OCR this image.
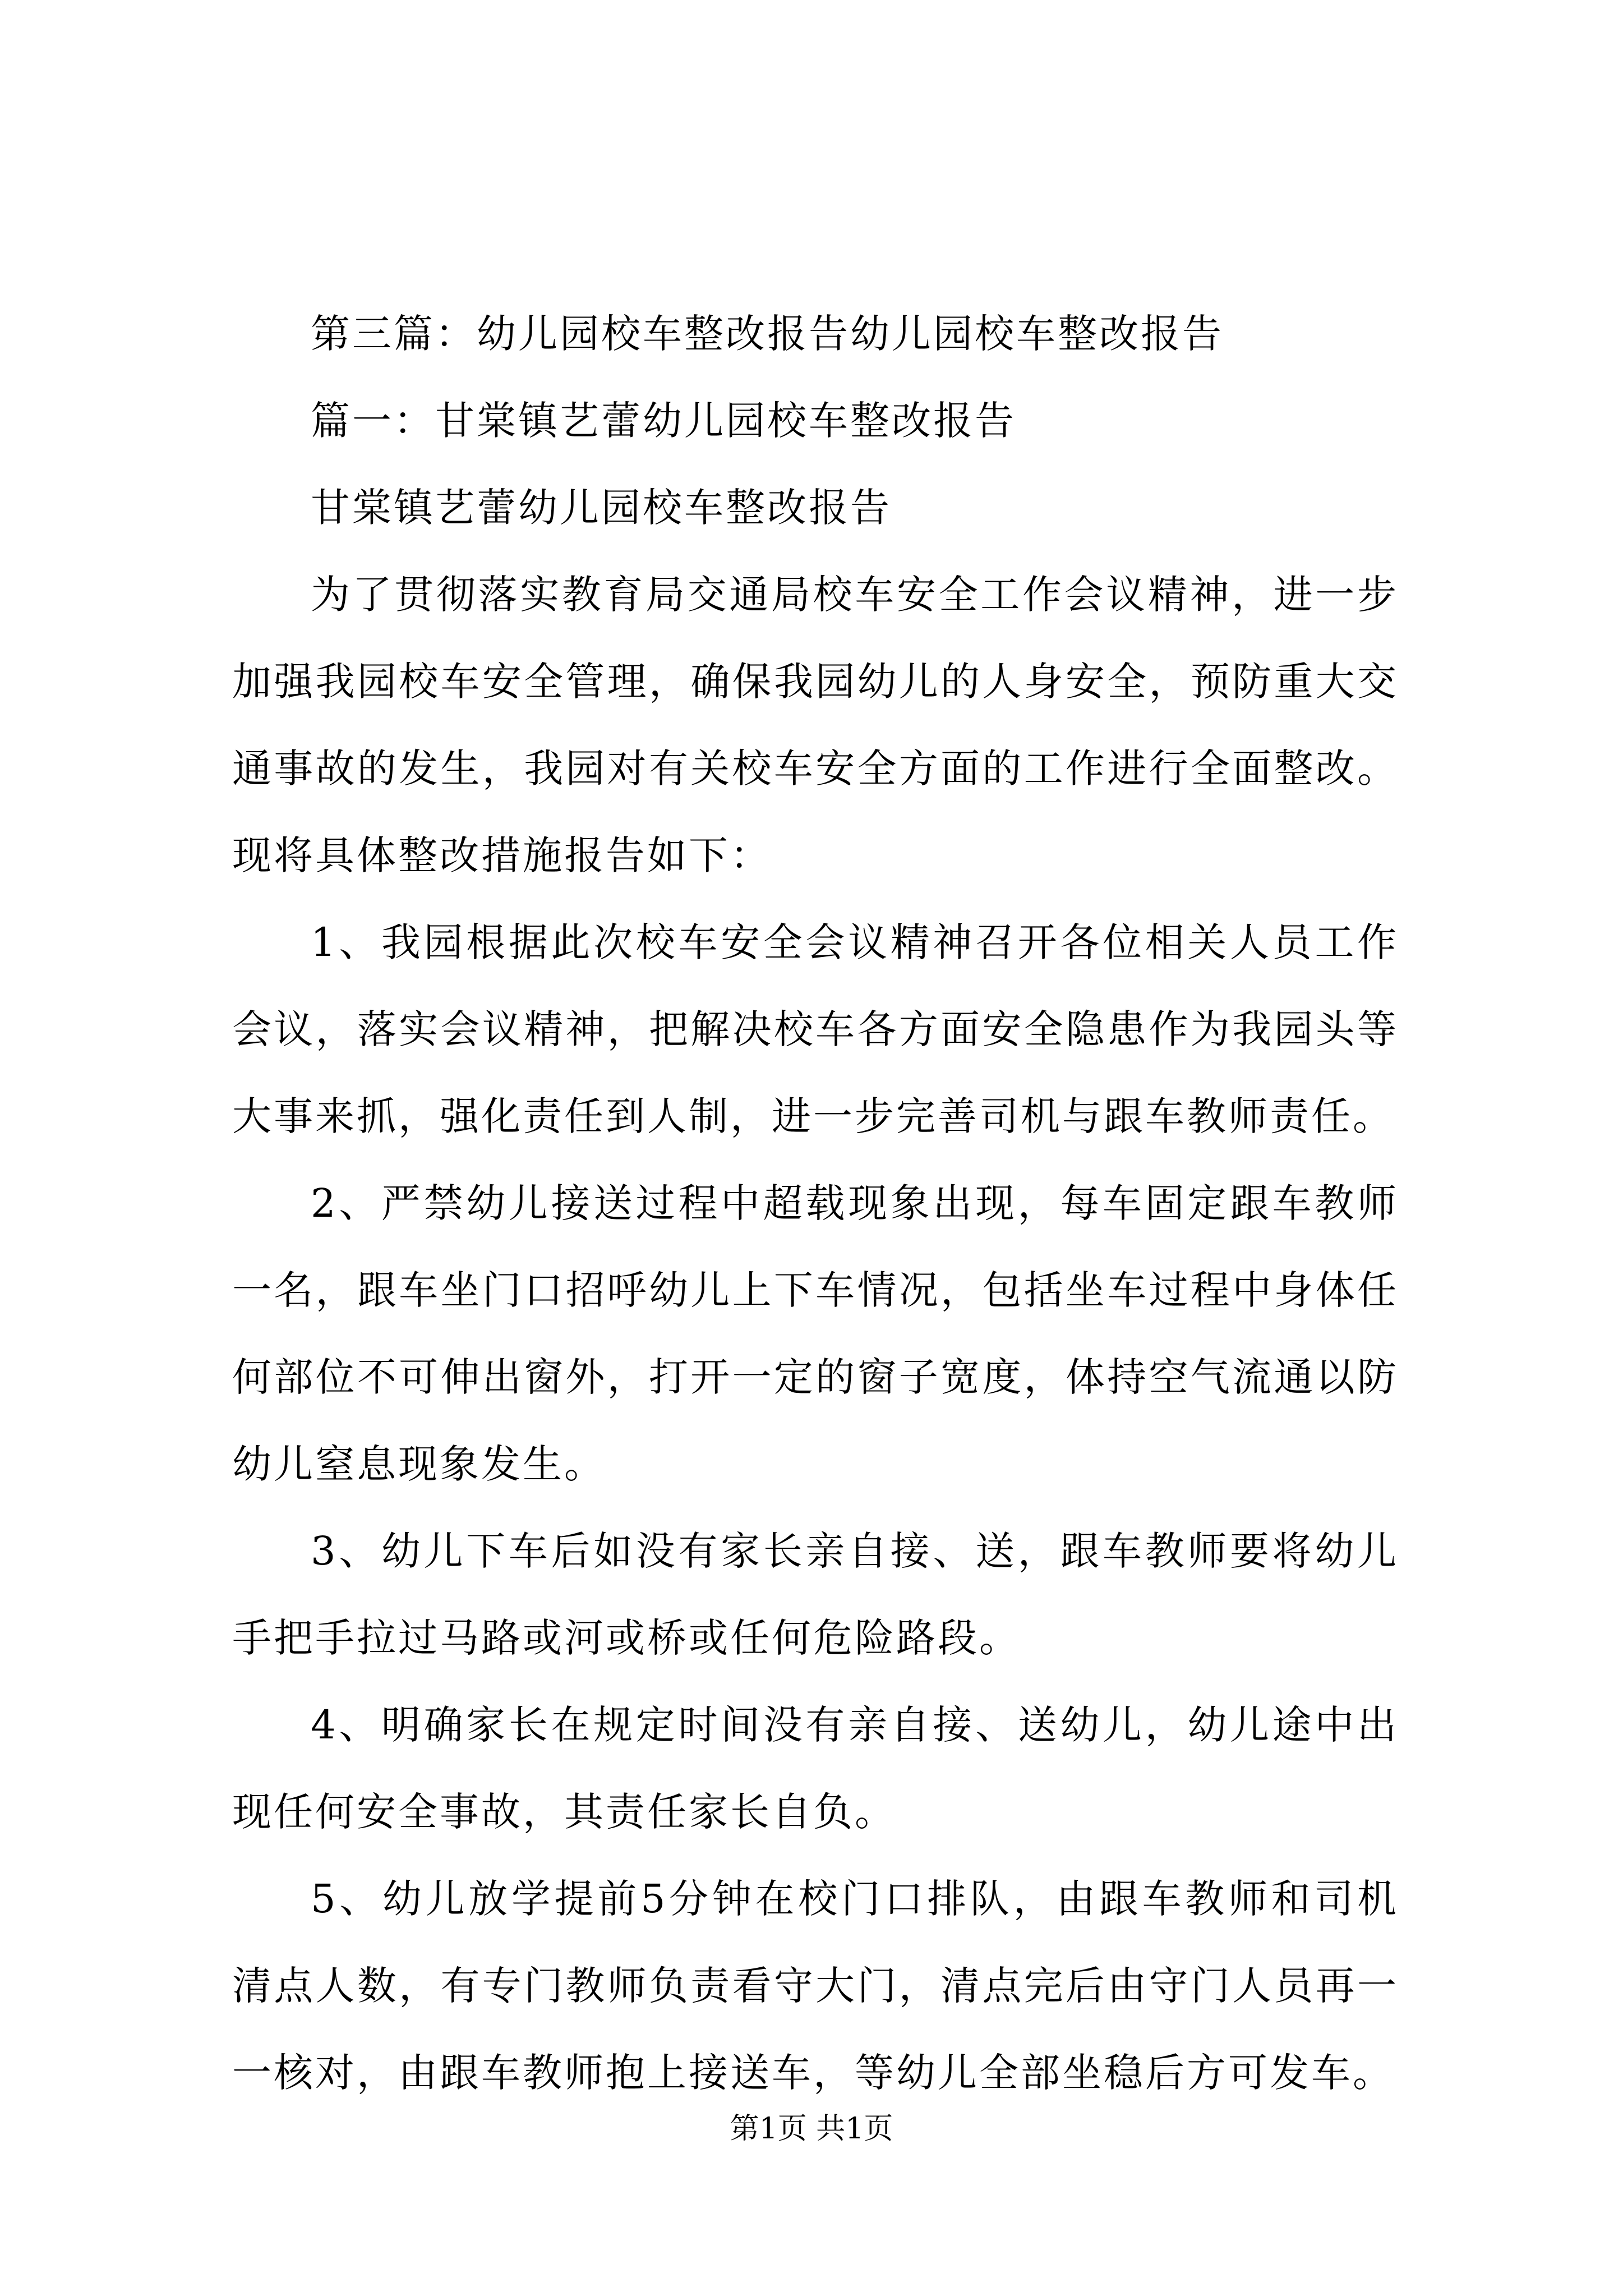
第三篇：幼儿园校车整改报告幼儿园校车整改报告
篇一：甘棠镇艺蕾幼儿园校车整改报告
甘棠镇艺蕾幼儿园校车整改报告

为了贯彻落实教育局交通局校车安全工作会议精神，进一步加强我园校车安全管理，确保我园幼儿的人身安全，预防重大交通事故的发生，我园对有关校车安全方面的工作进行全面整改。现将具体整改措施报告如下：

1、我园根据此次校车安全会议精神召开各位相关人员工作会议，落实会议精神，把解决校车各方面安全隐患作为我园头等大事来抓，强化责任到人制，进一步完善司机与跟车教师责任。

2、严禁幼儿接送过程中超载现象出现，每车固定跟车教师一名，跟车坐门口招呼幼儿上下车情况，包括坐车过程中身体任何部位不可伸出窗外，打开一定的窗子宽度，体持空气流通以防幼儿窒息现象发生。

3、幼儿下车后如没有家长亲自接、送，跟车教师要将幼儿手把手拉过马路或河或桥或任何危险路段。

4、明确家长在规定时间没有亲自接、送幼儿，幼儿途中出现任何安全事故，其责任家长自负。

5、幼儿放学提前5分钟在校门口排队，由跟车教师和司机清点人数，有专门教师负责看守大门，清点完后由守门人员再一一核对，由跟车教师抱上接送车，等幼儿全部坐稳后方可发车。

第1页 共1页
